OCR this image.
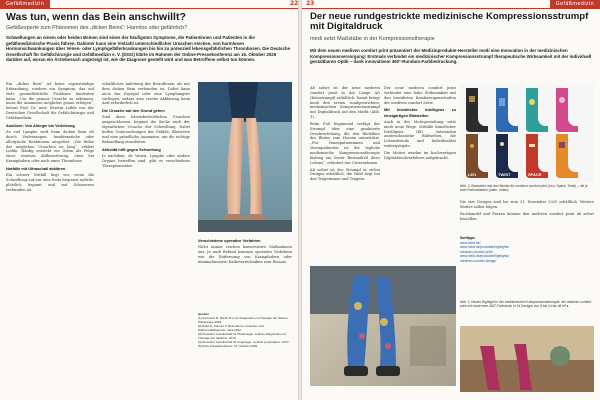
Gefäßmedizin	22
Was tun, wenn das Bein anschwillt?
Gefäßexperte zum Phänomen des „dicken Beins“: Harmlos oder gefährlich?
Schwellungen an einem oder beiden Beinen sind eines der häufigsten Symptome, die Patientinnen und Patienten in die gefäßmedizinische Praxis führen. Dahinter kann eine Vielzahl unterschiedlicher Ursachen stecken, von harmlosen Hormonschwankungen über Venen- oder Lymphgefäßerkrankungen bis hin zu potenziell lebensgefährlichen Thrombosen. Die Deutsche Gesellschaft für Gefäßchirurgie und Gefäßmedizin e. V. (DGG) klärte im Rahmen der Online-Pressekonferenz am 16. Oktober 2025 darüber auf, woran ein Ärztebesuch angezeigt ist, wie die Diagnose gestellt wird und was Betroffene selbst tun können.

Ein „dickes Bein“ ist keine eigenständige Erkrankung, sondern ein Symptom, das auf viele gesundheitliche Probleme hindeuten kann. „Um die genaue Ursache zu erkennen, muss die Anamnese möglichst genau erfolgen“, betont Prof. Dr. med. Kerstin Lodde von der Deutschen Gesellschaft für Gefäßchirurgie und Gefäßmedizin.

Auslöser: Von Allergie bis Verletzung

Zu viel Lymphe wird beim dicken Bein oft durch Verletzungen, Insektenstiche oder allergische Reaktionen ausgelöst. „Die Reihe der möglichen Ursachen ist lang“, erklärt Lodde. Häufig entsteht ein Ödem als Folge einer venösen Abflussstörung, etwa bei Krampfadern oder nach einer Thrombose.

Notfälle mit Ultraschall abklären

Ein schwer Notfall liegt vor, wenn die Schwellung auf nur eine Seite begrenzt auftritt, plötzlich beginnt und mit Schmerzen verbunden ist.

schaftlicher Anleitung der Betroffenen, als mit dem dicken Bein verbunden ist. Dabei kann auch das Erysipel oder eine Lymphangitis vorliegen, sodass eine rasche Abklärung beim Arzt erforderlich ist.

Die Ursache auf den Grund gehen

Sind diese lebensbedrohlichen Ursachen ausgeschlossen, beginnt die Suche nach der eigentlichen Ursache der Schwellung. Dabei helfen Untersuchungen der Gefäße, Blutwerte und eine gründliche Anamnese, um die richtige Behandlung einzuleiten.

Aktivität hilft gegen Schwellung

Je nachdem, ob Venen, Lymphe oder andere Organe betroffen sind, gibt es verschiedene Therapieansätze.

Verschiedene operative Verfahren

Nicht immer reichen konservative Maßnahmen aus. Je nach Befund kommen operative Verfahren wie die Entfernung von Krampfadern oder minimalinvasive Kathetertechniken zum Einsatz.

Quellen
[1] Hartmann B, Mandl M et al. Diagnostik und Therapie der Ödeme. Phlebologie 2023.
[2] Rabe E, Pannier F. Beinödeme: Ursachen und Differenzialdiagnose. Vasa 2022.
[3] Deutsche Gesellschaft für Phlebologie. Leitlinie Diagnostik und Therapie der Varikose. 2019.
[4] Deutsche Gesellschaft für Angiologie. Leitlinie Lymphödem. 2017.
[5] DGG Pressekonferenz, 16. Oktober 2025.
23	Gefäßmedizin
Der neue rundgestrickte medizinische Kompressionsstrumpf mit Digitaldruck
medi setzt Maßstäbe in der Kompressionstherapie
Mit dem neuen mediven comfort print präsentiert der Medizinprodukte-Hersteller medi eine Innovation in der medizinischen Kompressionsversorgung: Erstmals verbindet ein medizinischer Kompressionsstrumpf therapeutische Wirksamkeit mit der individuell gestaltbaren Optik – dank innovativem 360°-Rundum-Farbbedruckung.

Ab sofort ist der neue mediven comfort print in der Länge AD (Kniestrumpf) erhältlich. Damit bringt medi den ersten rundgestrickten, medizinischen Kompressionsstrumpf mit Digitaldruck auf den Markt (Abb. 1).

Beim Fuß beginnend verfügt der Strumpf über eine graduierte Druckverteilung, die den Rückfluss des Blutes zum Herzen unterstützt. „Für Venenpatientinnen und Venenpatienten ist die tägliche medizinische Kompressionstherapie bislang ein fester Bestandteil ihres Lebens“, erläutert das Unternehmen.

Ab sofort ist der Strumpf in vielen Designs erhältlich, die Wahl liegt bei den Trägerinnen und Trägern.

Der neue mediven comfort print verbindet eine hohe Wirksamkeit mit den bewährten Komforteigenschaften der mediven comfort Serie.

Mit künstlicher Intelligenz zu einzigartigen Bildwelten

Auch in der Motivgestaltung setzt medi neue Wege. Mithilfe künstlicher Intelligenz (KI) entstanden ausdrucksstarke Bildwelten, die Lebensfreude und Individualität widerspiegeln.

Die Motive werden im hochwertigen Digitaldruckverfahren aufgebracht.

LEO	TWIST	SPACE
Abb. 2: Bestseller und drei Muster für mediven comfort print (Leo, Space, Twist) – mit je zwei Farbvarianten (oben, unten).

Die vier Designs sind bis zum 31. Dezember 2025 erhältlich. Weitere Motive sollen folgen.

Fachhandel und Praxen können den mediven comfort print ab sofort bestellen.

Surftipps:
www.medi.de/
www.medi.de/produkte/highlights/
mediven-comfort-print/
www.medi.de/produkte/highlights/
mediven-comfort-design/
Abb. 1: Neues Highlight in der medizinischen Kompressionstherapie: der mediven comfort print mit modernem 360°-Farbdruck in 14 Designs von 8 bis 14 bis 48 hPa.
